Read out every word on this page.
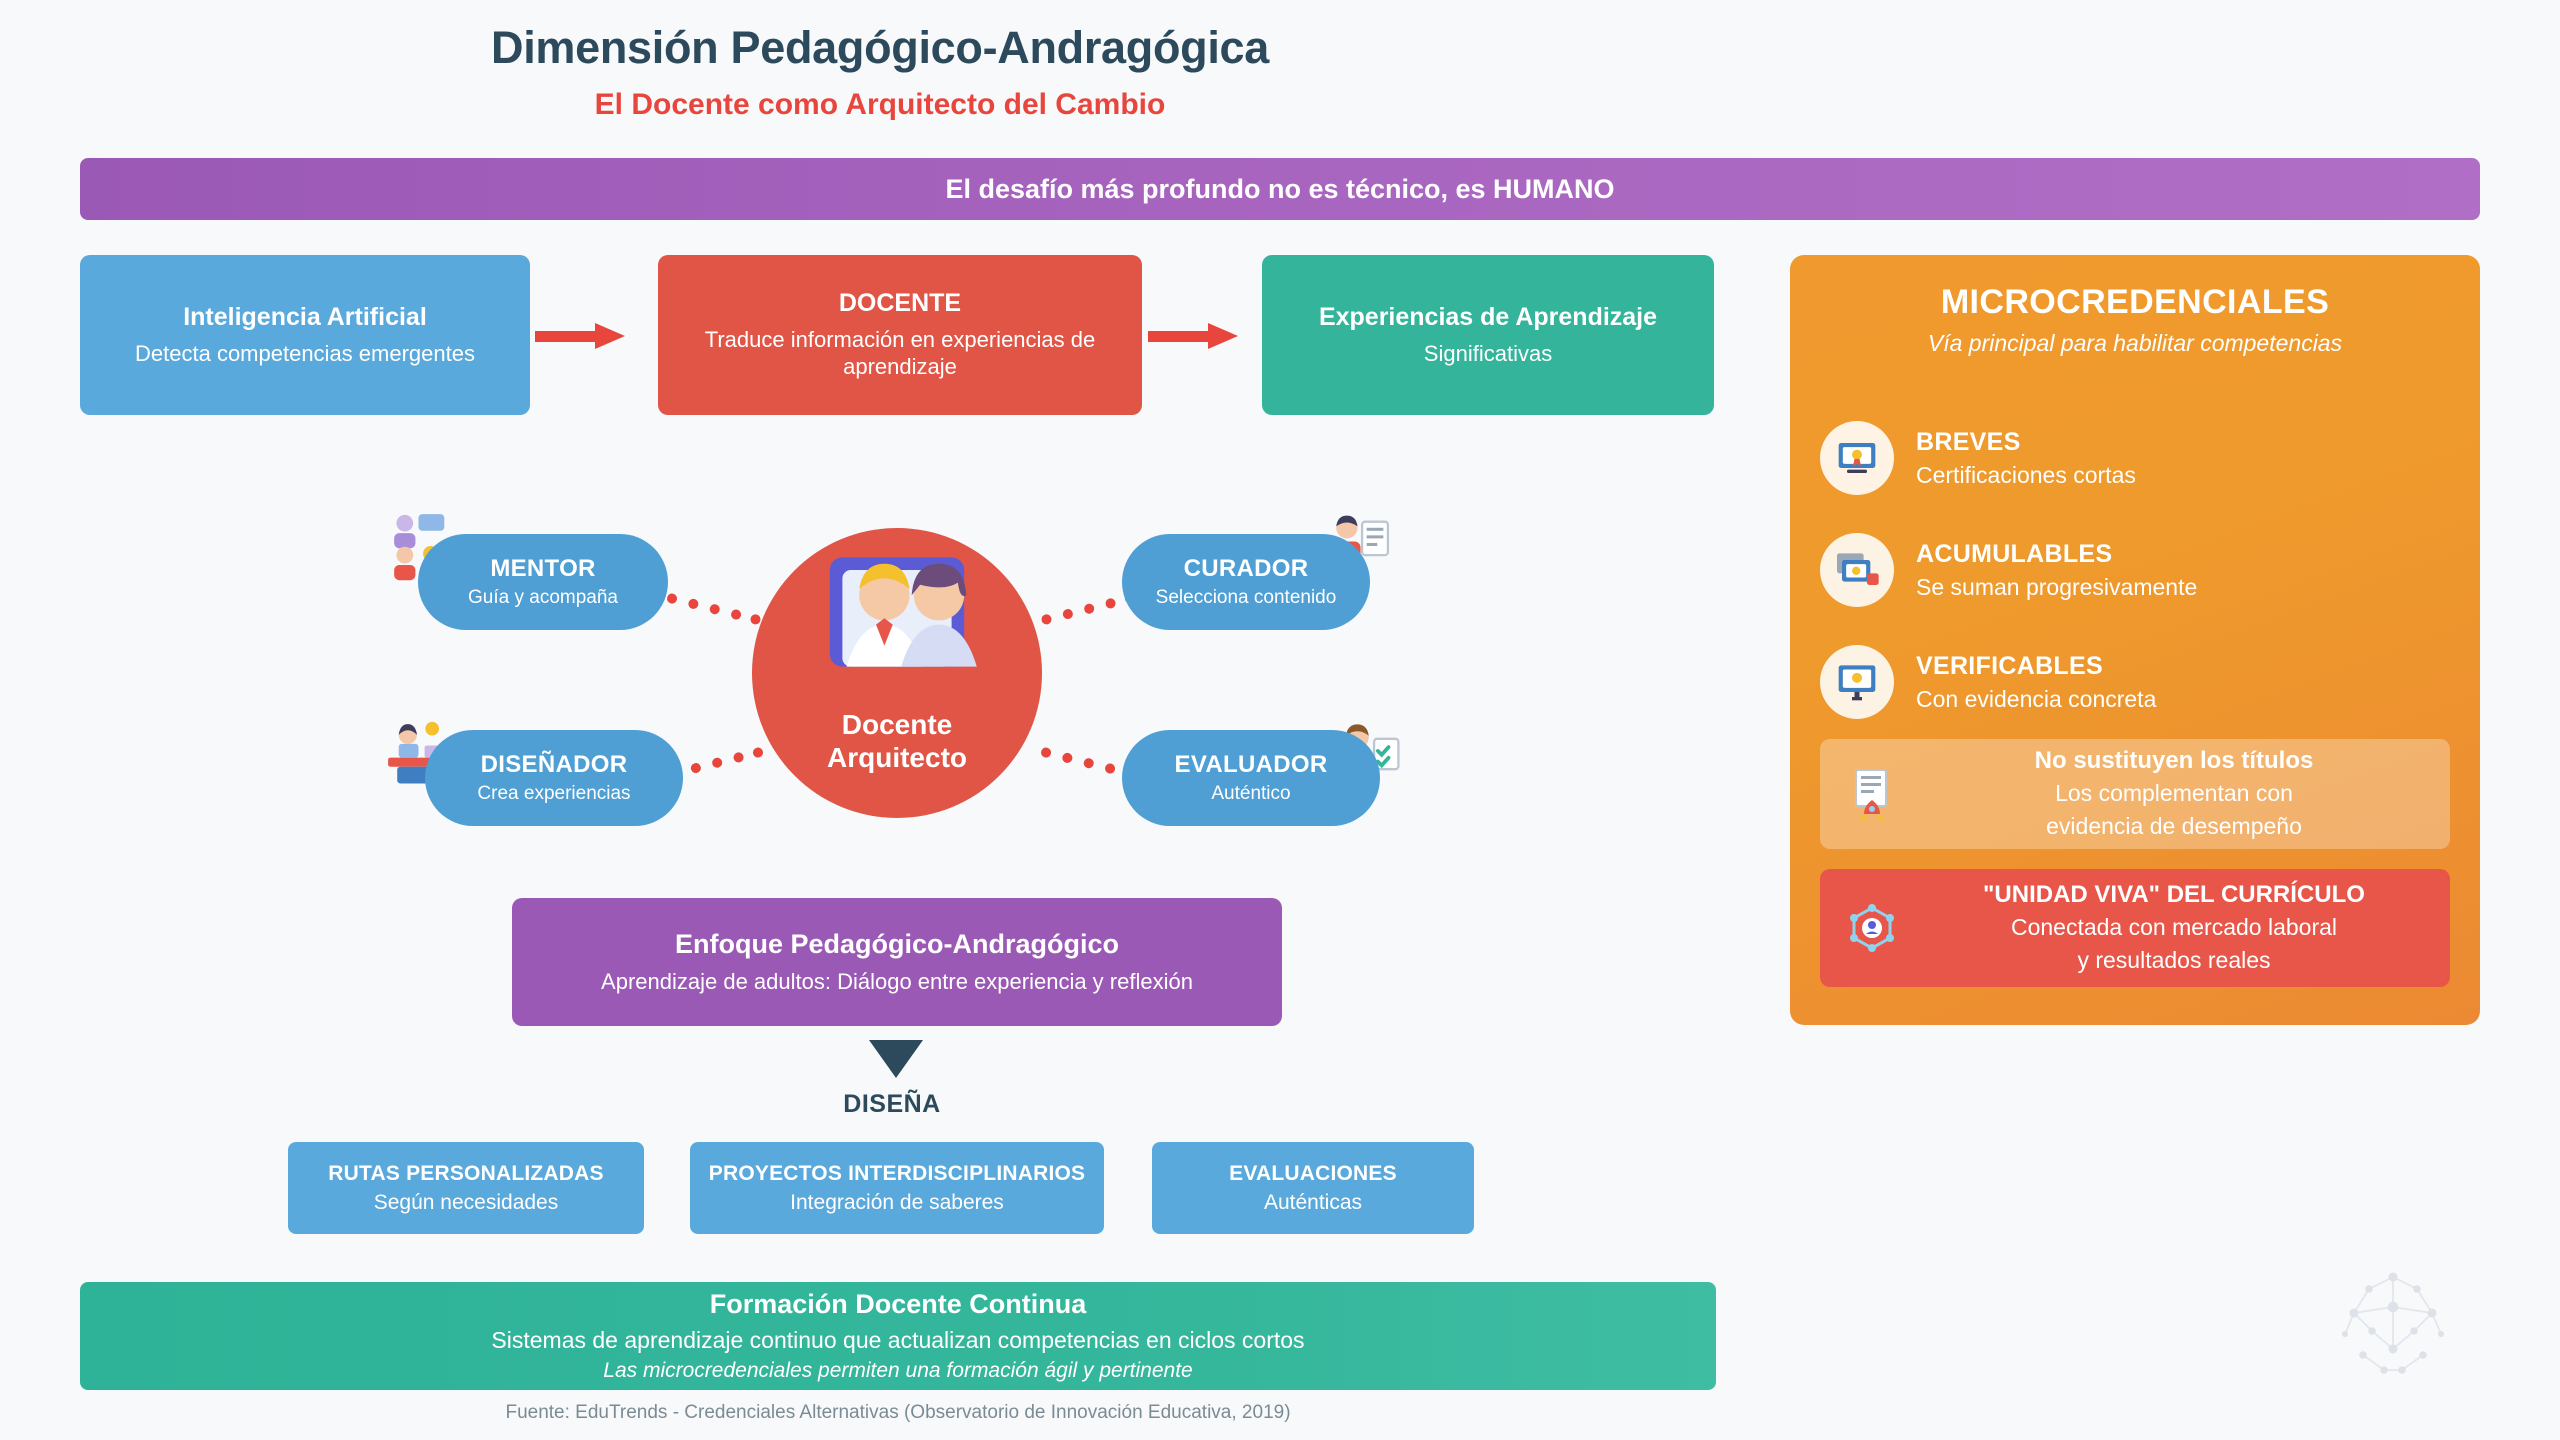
Dimensión Pedagógico-Andragógica
El Docente como Arquitecto del Cambio
El desafío más profundo no es técnico, es HUMANO
Inteligencia Artificial
Detecta competencias emergentes
DOCENTE
Traduce información en experiencias de aprendizaje
Experiencias de Aprendizaje
Significativas
Docente
Arquitecto
MENTOR
Guía y acompaña
DISEÑADOR
Crea experiencias
CURADOR
Selecciona contenido
EVALUADOR
Auténtico
Enfoque Pedagógico-Andragógico
Aprendizaje de adultos: Diálogo entre experiencia y reflexión
DISEÑA
RUTAS PERSONALIZADAS
Según necesidades
PROYECTOS INTERDISCIPLINARIOS
Integración de saberes
EVALUACIONES
Auténticas
Formación Docente Continua
Sistemas de aprendizaje continuo que actualizan competencias en ciclos cortos
Las microcredenciales permiten una formación ágil y pertinente
Fuente: EduTrends - Credenciales Alternativas (Observatorio de Innovación Educativa, 2019)
MICROCREDENCIALES
Vía principal para habilitar competencias
BREVES
Certificaciones cortas
ACUMULABLES
Se suman progresivamente
VERIFICABLES
Con evidencia concreta
No sustituyen los títulos
Los complementan con
evidencia de desempeño
"UNIDAD VIVA" DEL CURRÍCULO
Conectada con mercado laboral
y resultados reales
